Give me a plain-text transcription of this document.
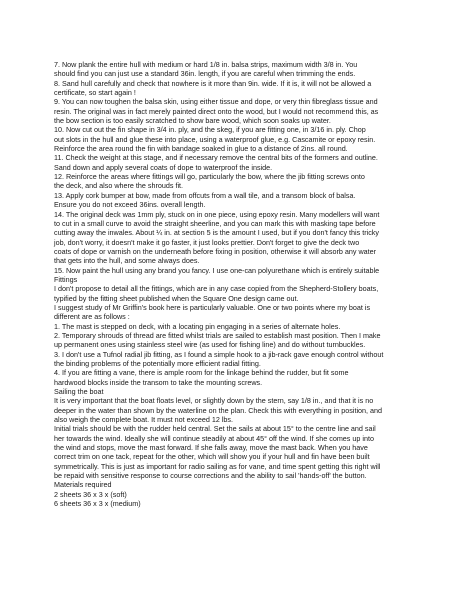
7. Now plank the entire hull with medium or hard 1/8 in. balsa strips, maximum width 3/8 in. You
should find you can just use a standard 36in. length, if you are careful when trimming the ends.
8. Sand hull carefully and check that nowhere is it more than 9in. wide. If it is, it will not be allowed a
certificate, so start again !
9. You can now toughen the balsa skin, using either tissue and dope, or very thin fibreglass tissue and
resin. The original was in fact merely painted direct onto the wood, but I would not recommend this, as
the bow section is too easily scratched to show bare wood, which soon soaks up water.
10. Now cut out the fin shape in 3/4 in. ply, and the skeg, if you are fitting one, in 3/16 in. ply. Chop
out slots in the hull and glue these into place, using a waterproof glue, e.g. Cascamite or epoxy resin.
Reinforce the area round the fin with bandage soaked in glue to a distance of 2ins. all round.
11. Check the weight at this stage, and if necessary remove the central bits of the formers and outline.
Sand down and apply several coats of dope to waterproof the inside.
12. Reinforce the areas where fittings will go, particularly the bow, where the jib fitting screws onto
the deck, and also where the shrouds fit.
13. Apply cork bumper at bow, made from offcuts from a wall tile, and a transom block of balsa.
Ensure you do not exceed 36ins. overall length.
14. The original deck was 1mm ply, stuck on in one piece, using epoxy resin. Many modellers will want
to cut in a small curve to avoid the straight sheerline, and you can mark this with masking tape before
cutting away the inwales. About ¼ in. at section 5 is the amount I used, but if you don't fancy this tricky
job, don't worry, it doesn't make it go faster, it just looks prettier. Don't forget to give the deck two
coats of dope or varnish on the underneath before fixing in position, otherwise it will absorb any water
that gets into the hull, and some always does.
15. Now paint the hull using any brand you fancy. I use one-can polyurethane which is entirely suitable
Fittings
I don't propose to detail all the fittings, which are in any case copied from the Shepherd-Stollery boats,
typified by the fitting sheet published when the Square One design came out.
I suggest study of Mr Griffin's book here is particularly valuable. One or two points where my boat is
different are as follows :
1. The mast is stepped on deck, with a locating pin engaging in a series of alternate holes.
2. Temporary shrouds of thread are fitted whilst trials are sailed to establish mast position. Then I make
up permanent ones using stainless steel wire (as used for fishing line) and do without turnbuckles.
3. I don't use a Tufnol radial jib fitting, as I found a simple hook to a jib-rack gave enough control without
the binding problems of the potentially more efficient radial fitting.
4. If you are fitting a vane, there is ample room for the linkage behind the rudder, but fit some
hardwood blocks inside the transom to take the mounting screws.
Sailing the boat
It is very important that the boat floats level, or slightly down by the stern, say 1/8 in., and that it is no
deeper in the water than shown by the waterline on the plan. Check this with everything in position, and
also weigh the complete boat. It must not exceed 12 lbs.
Initial trials should be with the rudder held central. Set the sails at about 15° to the centre line and sail
her towards the wind. Ideally she will continue steadily at about 45° off the wind. If she comes up into
the wind and stops, move the mast forward. If she falls away, move the mast back. When you have
correct trim on one tack, repeat for the other, which will show you if your hull and fin have been built
symmetrically. This is just as important for radio sailing as for vane, and time spent getting this right will
be repaid with sensitive response to course corrections and the ability to sail 'hands-off' the button.
Materials required
2 sheets 36 x 3 x (soft)
6 sheets 36 x 3 x (medium)
